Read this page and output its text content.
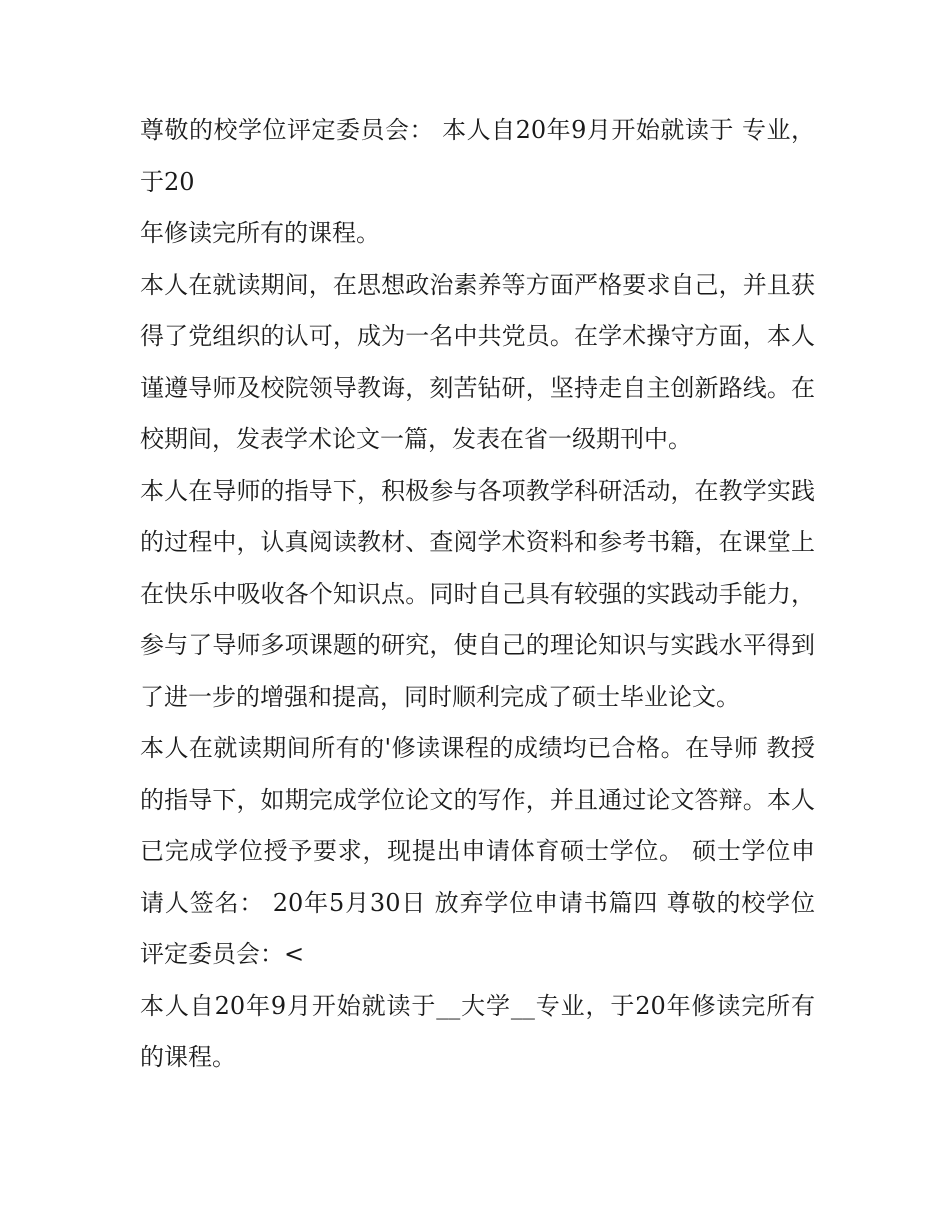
尊敬的校学位评定委员会： 本人自20年9月开始就读于 专业，于20

年修读完所有的课程。

本人在就读期间，在思想政治素养等方面严格要求自己，并且获得了党组织的认可，成为一名中共党员。在学术操守方面，本人谨遵导师及校院领导教诲，刻苦钻研，坚持走自主创新路线。在校期间，发表学术论文一篇，发表在省一级期刊中。

本人在导师的指导下，积极参与各项教学科研活动，在教学实践的过程中，认真阅读教材、查阅学术资料和参考书籍，在课堂上在快乐中吸收各个知识点。同时自己具有较强的实践动手能力，参与了导师多项课题的研究，使自己的理论知识与实践水平得到了进一步的增强和提高，同时顺利完成了硕士毕业论文。

本人在就读期间所有的'修读课程的成绩均已合格。在导师 教授的指导下，如期完成学位论文的写作，并且通过论文答辩。本人已完成学位授予要求，现提出申请体育硕士学位。 硕士学位申请人签名： 20年5月30日 放弃学位申请书篇四 尊敬的校学位评定委员会：<

本人自20年9月开始就读于__大学__专业，于20年修读完所有的课程。
